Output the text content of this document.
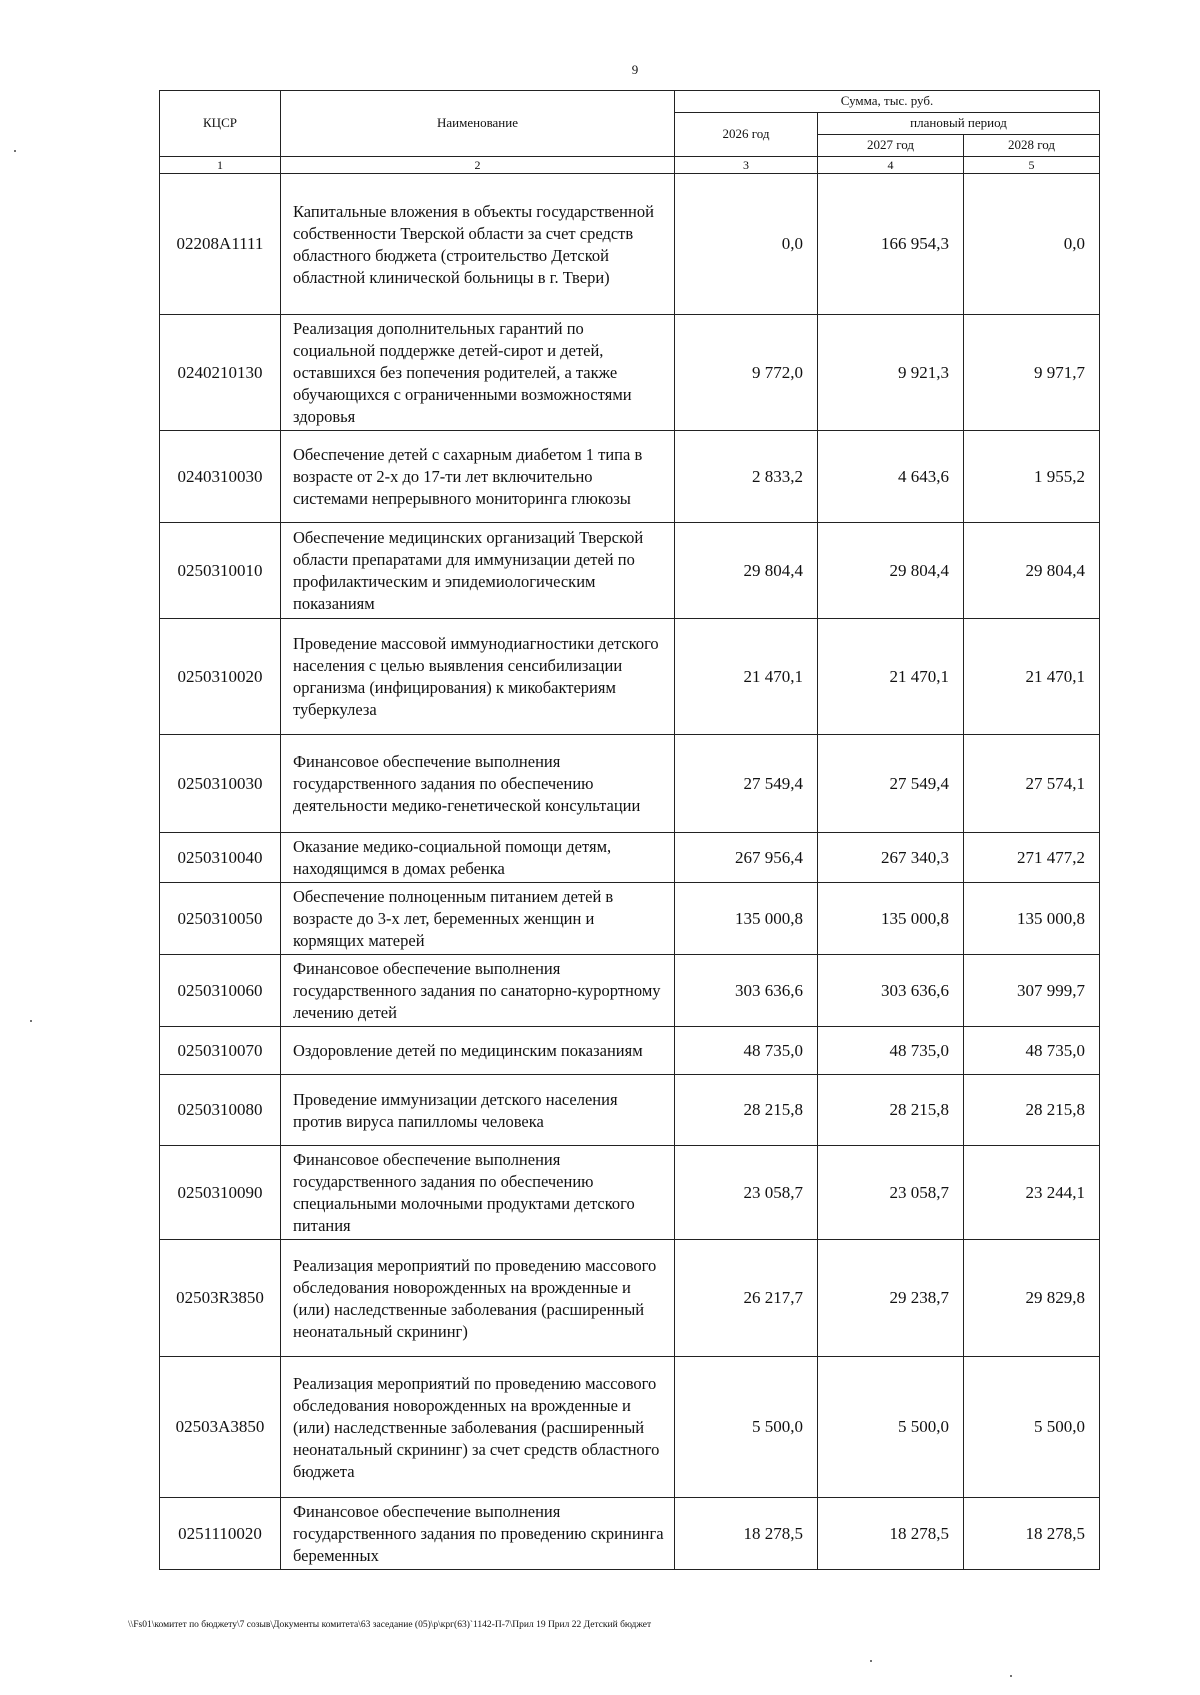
9
КЦСР	Наименование	Сумма, тыс. руб.		
		2026 год	плановый период	
			2027 год	2028 год
1	2	3	4	5
02208A1111	Капитальные вложения в объекты государственной собственности Тверской области за счет средств областного бюджета (строительство Детской областной клинической больницы в г. Твери)	0,0	166 954,3	0,0
0240210130	Реализация дополнительных гарантий по социальной поддержке детей-сирот и детей, оставшихся без попечения родителей, а также обучающихся с ограниченными возможностями здоровья	9 772,0	9 921,3	9 971,7
0240310030	Обеспечение детей с сахарным диабетом 1 типа в возрасте от 2-х до 17-ти лет включительно системами непрерывного мониторинга глюкозы	2 833,2	4 643,6	1 955,2
0250310010	Обеспечение медицинских организаций Тверской области препаратами для иммунизации детей по профилактическим и эпидемиологическим показаниям	29 804,4	29 804,4	29 804,4
0250310020	Проведение массовой иммунодиагностики детского населения с целью выявления сенсибилизации организма (инфицирования) к микобактериям туберкулеза	21 470,1	21 470,1	21 470,1
0250310030	Финансовое обеспечение выполнения государственного задания по обеспечению деятельности медико-генетической консультации	27 549,4	27 549,4	27 574,1
0250310040	Оказание медико-социальной помощи детям, находящимся в домах ребенка	267 956,4	267 340,3	271 477,2
0250310050	Обеспечение полноценным питанием детей в возрасте до 3-х лет, беременных женщин и кормящих матерей	135 000,8	135 000,8	135 000,8
0250310060	Финансовое обеспечение выполнения государственного задания по санаторно-курортному лечению детей	303 636,6	303 636,6	307 999,7
0250310070	Оздоровление детей по медицинским показаниям	48 735,0	48 735,0	48 735,0
0250310080	Проведение иммунизации детского населения против вируса папилломы человека	28 215,8	28 215,8	28 215,8
0250310090	Финансовое обеспечение выполнения государственного задания по обеспечению специальными молочными продуктами детского питания	23 058,7	23 058,7	23 244,1
02503R3850	Реализация мероприятий по проведению массового обследования новорожденных на врожденные и (или) наследственные заболевания (расширенный неонатальный скрининг)	26 217,7	29 238,7	29 829,8
02503A3850	Реализация мероприятий по проведению массового обследования новорожденных на врожденные и (или) наследственные заболевания (расширенный неонатальный скрининг) за счет средств областного бюджета	5 500,0	5 500,0	5 500,0
0251110020	Финансовое обеспечение выполнения государственного задания по проведению скрининга беременных	18 278,5	18 278,5	18 278,5
\\Fs01\комитет по бюджету\7 созыв\Документы комитета\63 заседание (05)\р\крг(63)`1142-П-7\Прил 19 Прил 22 Детский бюджет
